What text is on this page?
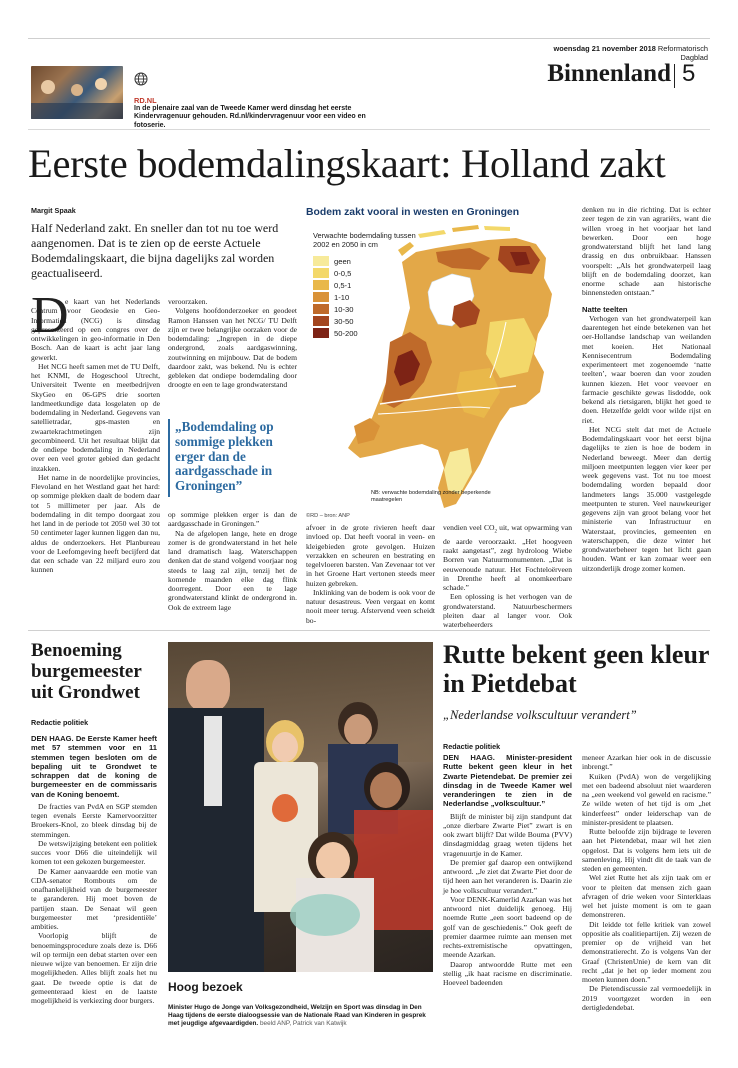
woensdag 21 november 2018 Reformatorisch Dagblad
Binnenland 5
RD.NL
In de plenaire zaal van de Tweede Kamer werd dinsdag het eerste Kindervragenuur gehouden. Rd.nl/kindervragenuur voor een video en fotoserie.
Eerste bodemdalingskaart: Holland zakt
Margit Spaak
Half Nederland zakt. En sneller dan tot nu toe werd aangenomen. Dat is te zien op de eerste Actuele Bodemdalingskaart, die bijna dagelijks zal worden geactualiseerd.
D

e kaart van het Nederlands Centrum voor Geodesie en Geo-Informatica (NCG) is dinsdag gepresenteerd op een congres over de ontwikkelingen in geo-informatie in Den Bosch. Aan de kaart is acht jaar lang gewerkt.

Het NCG heeft samen met de TU Delft, het KNMI, de Hogeschool Utrecht, Universiteit Twente en meetbedrijven SkyGeo en 06-GPS drie soorten landmeetkundige data losgelaten op de bodemdaling in Nederland. Gegevens van satellietradar, gps-masten en zwaartekrachtmetingen zijn gecombineerd. Uit het resultaat blijkt dat de ondiepe bodemdaling in Nederland over een veel groter gebied dan gedacht inzakken.

Het name in de noordelijke provincies, Flevoland en het Westland gaat het hard: op sommige plekken daalt de bodem daar tot 5 millimeter per jaar. Als de bodemdaling in dit tempo doorgaat zou het land in de periode tot 2050 wel 30 tot 50 centimeter lager kunnen liggen dan nu, aldus de onderzoekers. Het Planbureau voor de Leefomgeving heeft becijferd dat dat een schade van 22 miljard euro zou kunnen

veroorzaken.

Volgens hoofdonderzoeker en geodeet Ramon Hanssen van het NCG/ TU Delft zijn er twee belangrijke oorzaken voor de bodemdaling: „Ingrepen in de diepe ondergrond, zoals aardgaswinning, zoutwinning en mijnbouw. Dat de bodem daardoor zakt, was bekend. Nu is echter gebleken dat ondiepe bodemdaling door droogte en een te lage grondwaterstand

„Bodemdaling op sommige plekken erger dan de aardgasschade in Groningen”

op sommige plekken erger is dan de aardgasschade in Groningen.”

Na de afgelopen lange, hete en droge zomer is de grondwaterstand in het hele land dramatisch laag. Waterschappen denken dat de stand volgend voorjaar nog steeds te laag zal zijn, tenzij het de komende maanden elke dag flink doorregent. Door een te lage grondwaterstand klinkt de ondergrond in. Ook de extreem lage

Bodem zakt vooral in westen en Groningen
Verwachte bodemdaling tussen 2002 en 2050 in cm
geen
0-0,5
0,5-1
1-10
10-30
30-50
50-200
NB: verwachte bodemdaling zonder beperkende maatregelen
©RD – bron: ANP

afvoer in de grote rivieren heeft daar invloed op. Dat heeft vooral in veen- en kleigebieden grote gevolgen. Huizen verzakken en scheuren en bestrating en tegelvloeren barsten. Van Zevenaar tot ver in het Groene Hart vertonen steeds meer huizen gebreken.

Inklinking van de bodem is ook voor de natuur desastreus. Veen vergaat en komt nooit meer terug. Afstervend veen scheidt bo-

vendien veel $CO_2$ uit, wat opwarming van de aarde veroorzaakt. „Het hoogveen raakt aangetast”, zegt hydroloog Wiebe Borren van Natuurmonumenten. „Dat is eeuwenoude natuur. Het Fochteloërveen in Drenthe heeft al onomkeerbare schade.”

Een oplossing is het verhogen van de grondwaterstand. Natuurbeschermers pleiten daar al langer voor. Ook waterbeheerders

denken nu in die richting. Dat is echter zeer tegen de zin van agrariërs, want die willen vroeg in het voorjaar het land bewerken. Door een hoge grondwaterstand blijft het land lang drassig en dus onbruikbaar. Hanssen voorspelt: „Als het grondwaterpeil laag blijft en de bodemdaling doorzet, kan enorme schade aan historische binnensteden ontstaan.”

Natte teelten

Verhogen van het grondwaterpeil kan daarentegen het einde betekenen van het oer-Hollandse landschap van weilanden met koeien. Het Nationaal Kennisecentrum Bodemdaling experimenteert met zogenoemde ‘natte teelten’, waar boeren dan voor zouden kunnen kiezen. Het voor veevoer en farmacie geschikte gewas lisdodde, ook bekend als rietsigaren, blijkt het goed te doen. Hetzelfde geldt voor wilde rijst en riet.

Het NCG stelt dat met de Actuele Bodemdalingskaart voor het eerst bijna dagelijks te zien is hoe de bodem in Nederland beweegt. Meer dan dertig miljoen meetpunten leggen vier keer per week gegevens vast. Tot nu toe moest bodemdaling worden bepaald door landmeters langs 35.000 vastgelegde meetpunten te sturen. Veel nauwkeuriger gegevens zijn van groot belang voor het ministerie van Infrastructuur en Waterstaat, provincies, gemeenten en waterschappen, die deze winter het grondwaterbeheer tegen het licht gaan houden. Want er kan zomaar weer een uitzonderlijk droge zomer komen.

Benoeming burgemeester uit Grondwet
Redactie politiek

DEN HAAG. De Eerste Kamer heeft met 57 stemmen voor en 11 stemmen tegen besloten om de bepaling uit te Grondwet te schrappen dat de koning de burgemeester en de commissaris van de Koning benoemt.

De fracties van PvdA en SGP stemden tegen evenals Eerste Kamervoorzitter Broekers-Knol, zo bleek dinsdag bij de stemmingen.

De wetswijziging betekent een politiek succes voor D66 die uiteindelijk wil komen tot een gekozen burgemeester.

De Kamer aanvaardde een motie van CDA-senator Rombouts om de onafhankelijkheid van de burgemeester te garanderen. Hij moet boven de partijen staan. De Senaat wil geen burgemeester met ‘presidentiële’ ambities.

Voorlopig blijft de benoemingsprocedure zoals deze is. D66 wil op termijn een debat starten over een nieuwe wijze van benoemen. Er zijn drie mogelijkheden. Alles blijft zoals het nu gaat. De tweede optie is dat de gemeenteraad kiest en de laatste mogelijkheid is verkiezing door burgers.

Hoog bezoek
Minister Hugo de Jonge van Volksgezondheid, Welzijn en Sport was dinsdag in Den Haag tijdens de eerste dialoogsessie van de Nationale Raad van Kinderen in gesprek met jeugdige afgevaardigden. beeld ANP, Patrick van Katwijk
Rutte bekent geen kleur in Pietdebat
„Nederlandse volkscultuur verandert”
Redactie politiek

DEN HAAG. Minister-president Rutte bekent geen kleur in het Zwarte Pietendebat. De premier zei dinsdag in de Tweede Kamer wel veranderingen te zien in de Nederlandse „volkscultuur.”

Blijft de minister bij zijn standpunt dat „onze dierbare Zwarte Piet” zwart is en ook zwart blijft? Dat wilde Bouma (PVV) dinsdagmiddag graag weten tijdens het vragenuurtje in de Kamer.

De premier gaf daarop een ontwijkend antwoord. „Je ziet dat Zwarte Piet door de tijd heen aan het veranderen is. Daarin zie je hoe volkscultuur verandert.”

Voor DENK-Kamerlid Azarkan was het antwoord niet duidelijk genoeg. Hij noemde Rutte „een soort badeend op de golf van de geschiedenis.” Ook geeft de premier daarmee ruimte aan mensen met rechts-extremistische opvattingen, meende Azarkan.

Daarop antwoordde Rutte met een stellig „ik haat racisme en discriminatie. Hoeveel badeenden

meneer Azarkan hier ook in de discussie inbrengt.”

Kuiken (PvdA) won de vergelijking met een badeend absoluut niet waarderen na „een weekend vol geweld en racisme.” Ze wilde weten of het tijd is om „het kinderfeest” onder leiderschap van de minister-president te plaatsen.

Rutte beloofde zijn bijdrage te leveren aan het Pietendebat, maar wil het zien opgelost. Dat is volgens hem iets uit de samenleving. Hij vindt dit de taak van de steden en gemeenten.

Wel ziet Rutte het als zijn taak om er voor te pleiten dat mensen zich gaan afvragen of drie weken voor Sinterklaas wel het juiste moment is om te gaan demonstreren.

Dit leidde tot felle kritiek van zowel oppositie als coalitiepartijen. Zij wezen de premier op de vrijheid van het demonstratierecht. Zo is volgens Van der Graaf (ChristenUnie) de kern van dit recht „dat je het op ieder moment zou moeten kunnen doen.”

De Pietendiscussie zal vermoedelijk in 2019 voortgezet worden in een dertigledendebat.
